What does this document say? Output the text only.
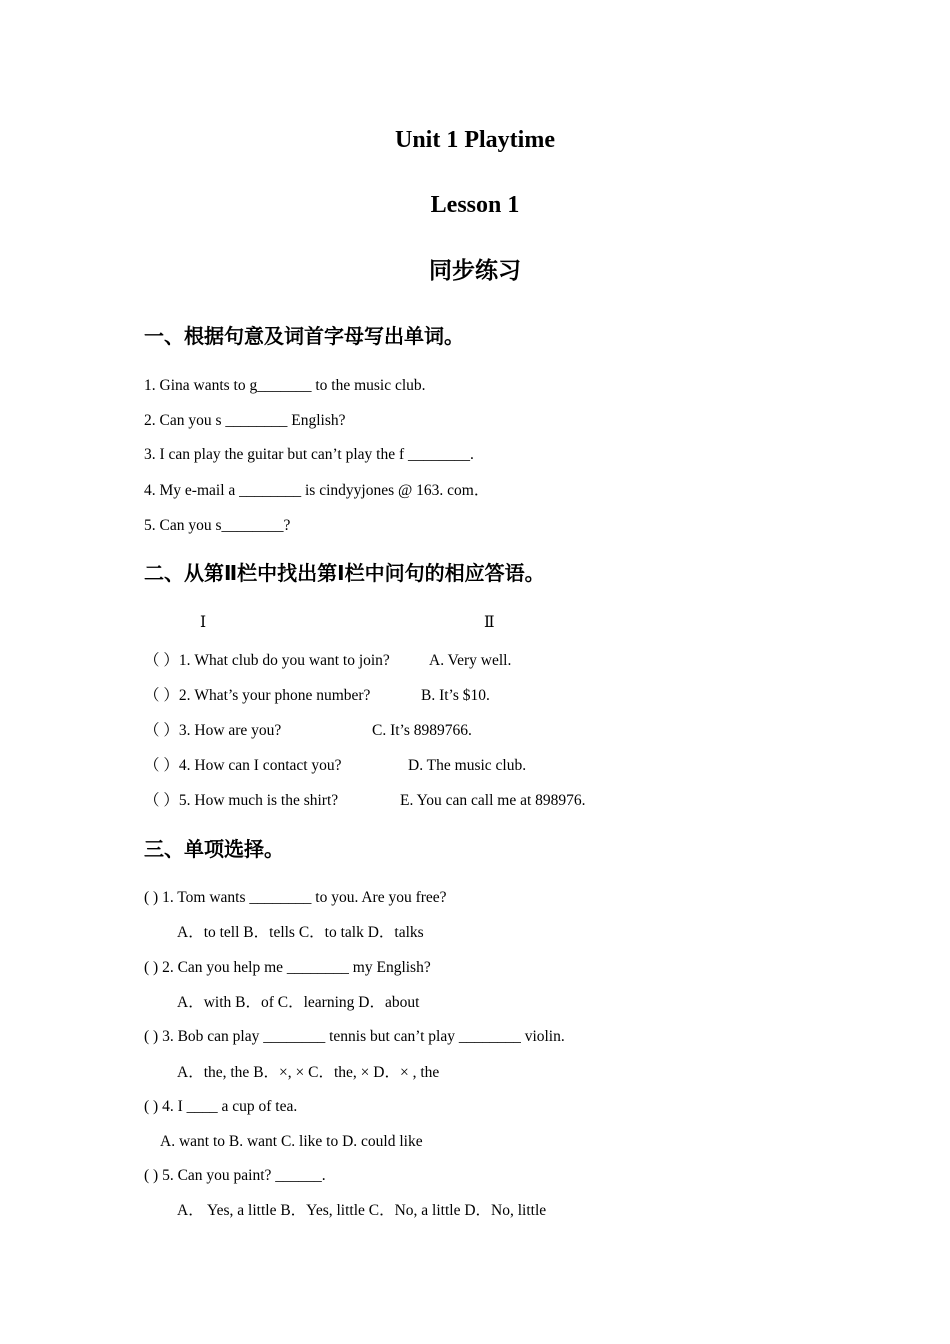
Unit 1 Playtime
Lesson 1
同步练习
一、根据句意及词首字母写出单词。
1. Gina wants to g_______ to the music club.
2. Can you s ________ English?
3. I can play the guitar but can’t play the f ________.
4. My e-mail a ________ is cindyyjones @ 163. com．
5. Can you s________?
二、从第Ⅱ栏中找出第Ⅰ栏中问句的相应答语。
Ⅰ	Ⅱ
（ ）1. What club do you want to join?	A. Very well.
（ ）2. What’s your phone number?	B. It’s $10.
（ ）3. How are you?	C. It’s 8989766.
（ ）4. How can I contact you?	D. The music club.
（ ）5. How much is the shirt?	E. You can call me at 898976.
三、单项选择。
( ) 1. Tom wants ________ to you. Are you free?
A．to tell B．tells C．to talk D．talks
( ) 2. Can you help me ________ my English?
A．with B．of C．learning D．about
( ) 3. Bob can play ________ tennis but can’t play ________ violin.
A．the, the B．×, × C．the, × D．× , the
( ) 4. I ____ a cup of tea.
A. want to B. want C. like to D. could like
( ) 5. Can you paint? ______.
A． Yes, a little B．Yes, little C．No, a little D．No, little
